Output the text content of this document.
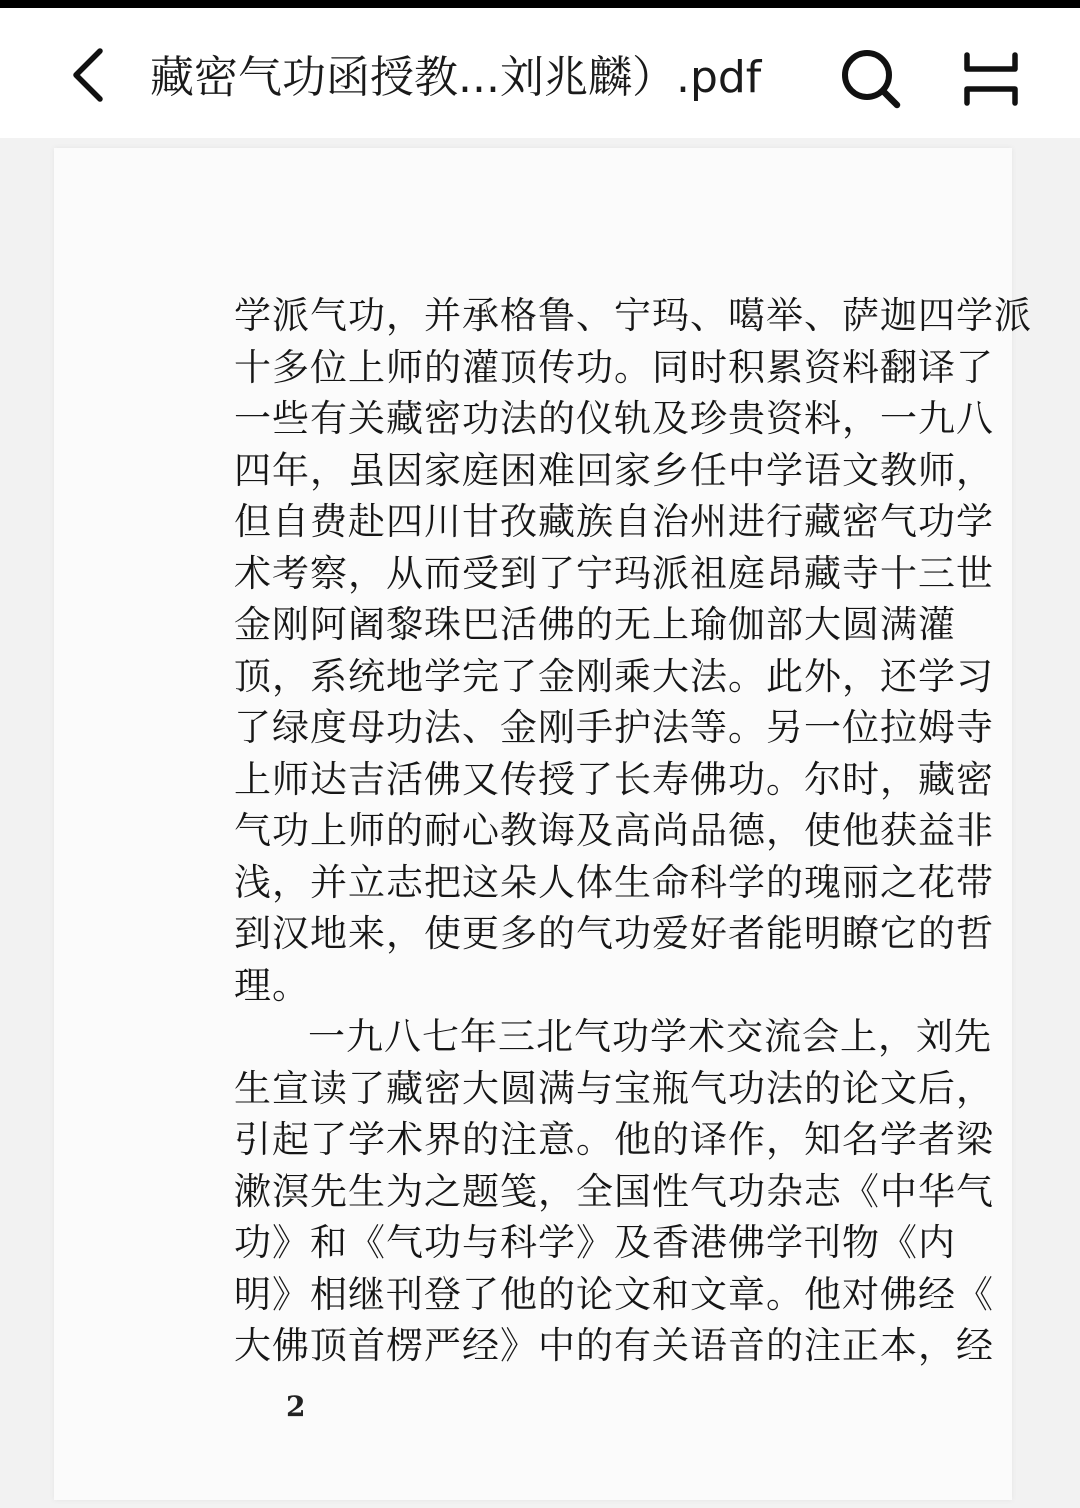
藏密气功函授教...刘兆麟）.pdf
学派气功，并承格鲁、宁玛、噶举、萨迦四学派
十多位上师的灌顶传功。同时积累资料翻译了
一些有关藏密功法的仪轨及珍贵资料，一九八
四年，虽因家庭困难回家乡任中学语文教师，
但自费赴四川甘孜藏族自治州进行藏密气功学
术考察，从而受到了宁玛派祖庭昂藏寺十三世
金刚阿阇黎珠巴活佛的无上瑜伽部大圆满灌
顶，系统地学完了金刚乘大法。此外，还学习
了绿度母功法、金刚手护法等。另一位拉姆寺
上师达吉活佛又传授了长寿佛功。尔时，藏密
气功上师的耐心教诲及高尚品德，使他获益非
浅，并立志把这朵人体生命科学的瑰丽之花带
到汉地来，使更多的气功爱好者能明瞭它的哲
理。
一九八七年三北气功学术交流会上，刘先
生宣读了藏密大圆满与宝瓶气功法的论文后，
引起了学术界的注意。他的译作，知名学者梁
漱溟先生为之题笺，全国性气功杂志《中华气
功》和《气功与科学》及香港佛学刊物《内
明》相继刊登了他的论文和文章。他对佛经《
大佛顶首楞严经》中的有关语音的注正本，经
2
